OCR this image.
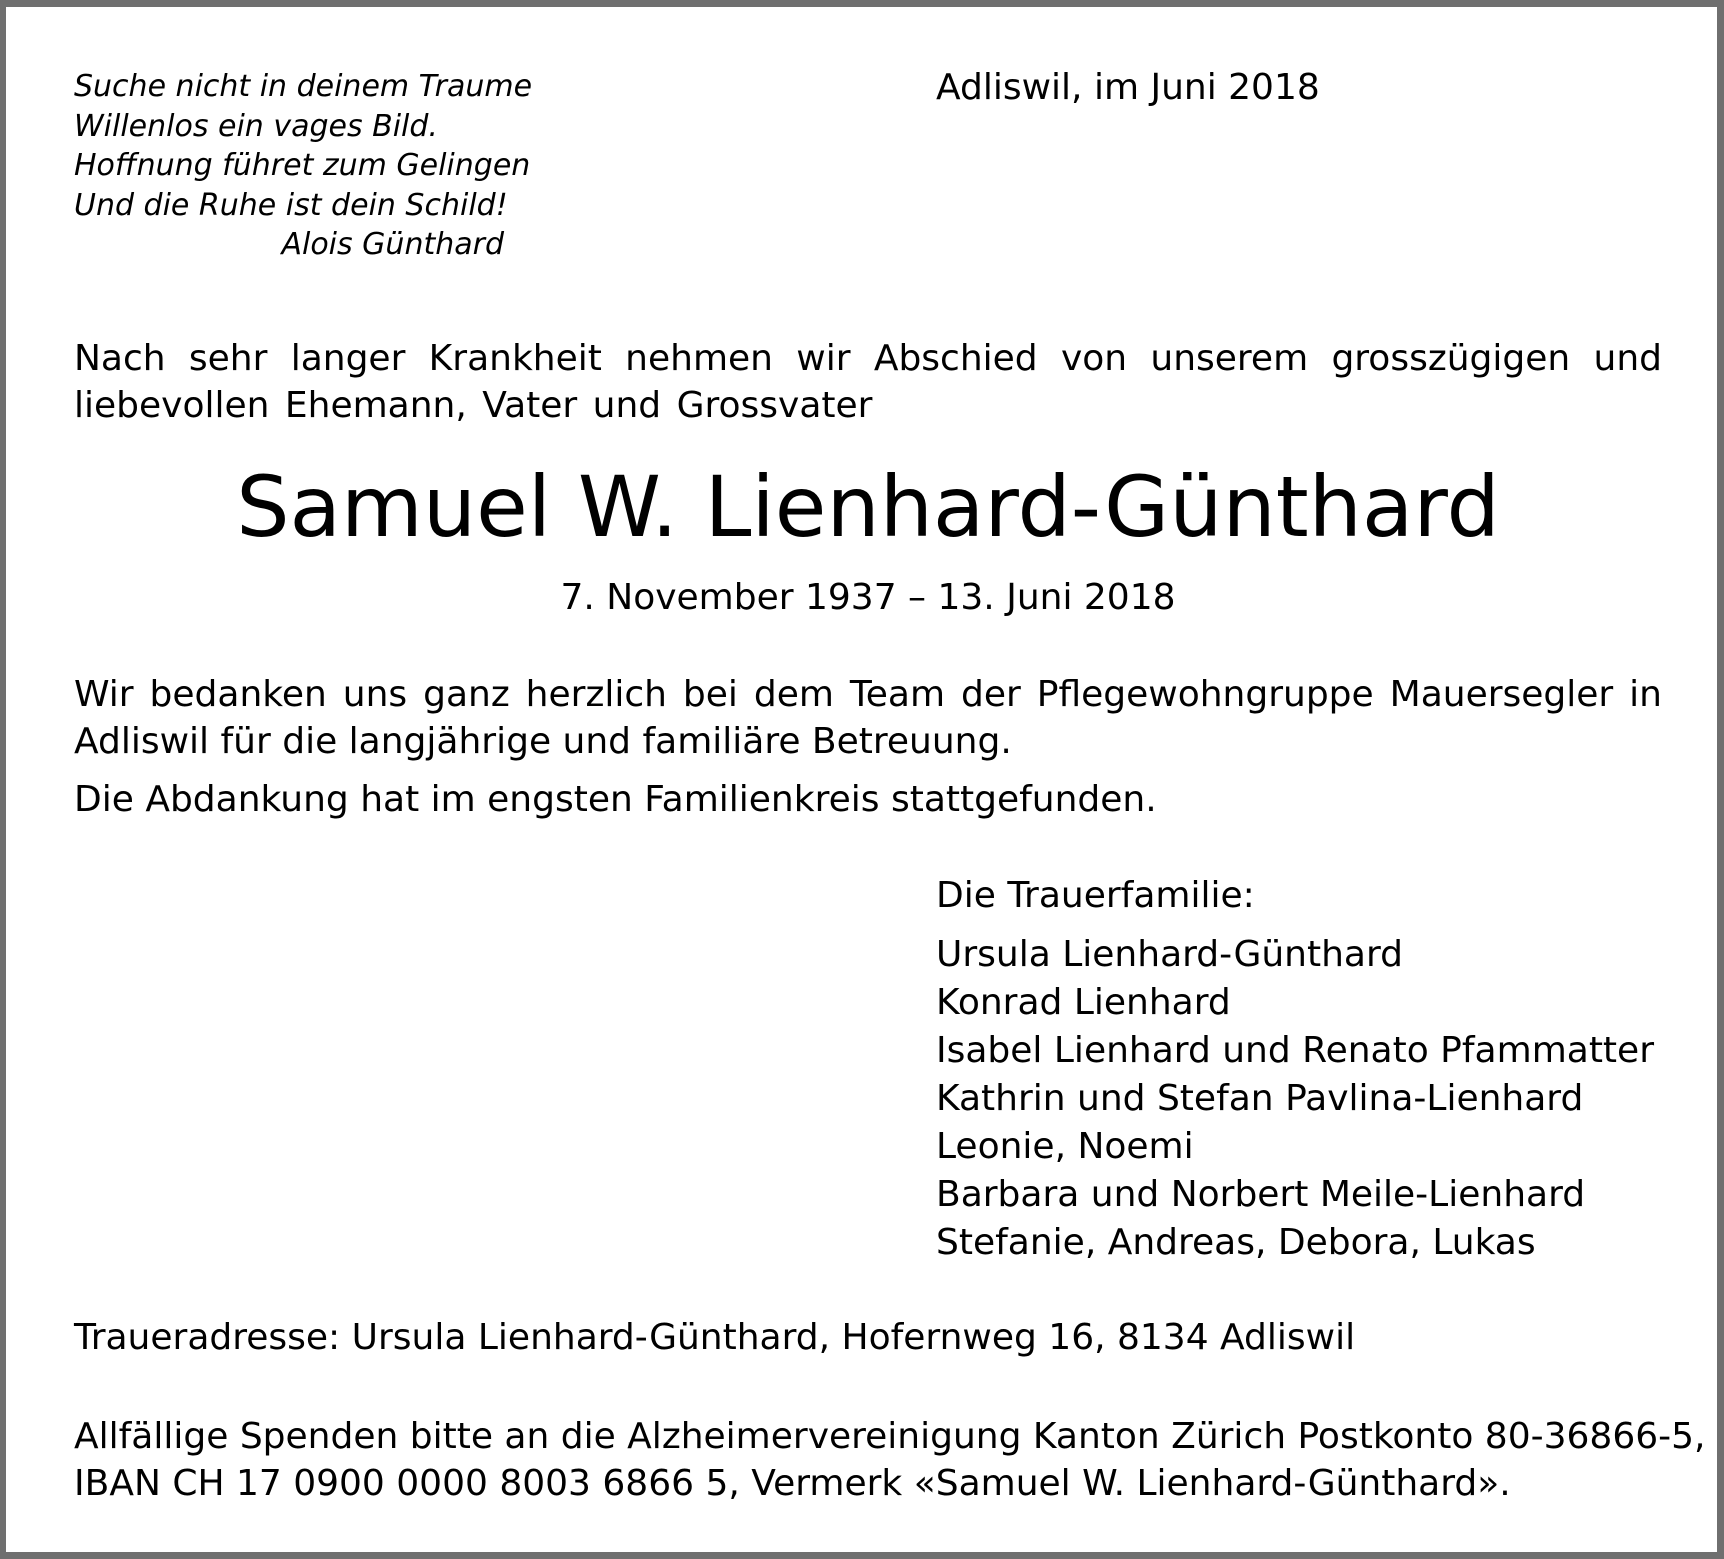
Suche nicht in deinem Traume
Willenlos ein vages Bild.
Hoffnung führet zum Gelingen
Und die Ruhe ist dein Schild!
Alois Günthard
Adliswil, im Juni 2018
Nach sehr langer Krankheit nehmen wir Abschied von unserem grosszügigen und liebevollen Ehemann, Vater und Grossvater
Samuel W. Lienhard-Günthard
7. November 1937 – 13. Juni 2018
Wir bedanken uns ganz herzlich bei dem Team der Pflegewohngruppe Mauersegler in Adliswil für die langjährige und familiäre Betreuung.
Die Abdankung hat im engsten Familienkreis stattgefunden.
Die Trauerfamilie:
Ursula Lienhard-Günthard
Konrad Lienhard
Isabel Lienhard und Renato Pfammatter
Kathrin und Stefan Pavlina-Lienhard
Leonie, Noemi
Barbara und Norbert Meile-Lienhard
Stefanie, Andreas, Debora, Lukas
Traueradresse: Ursula Lienhard-Günthard, Hofernweg 16, 8134 Adliswil
Allfällige Spenden bitte an die Alzheimervereinigung Kanton Zürich Postkonto 80-36866-5,
IBAN CH 17 0900 0000 8003 6866 5, Vermerk «Samuel W. Lienhard-Günthard».
